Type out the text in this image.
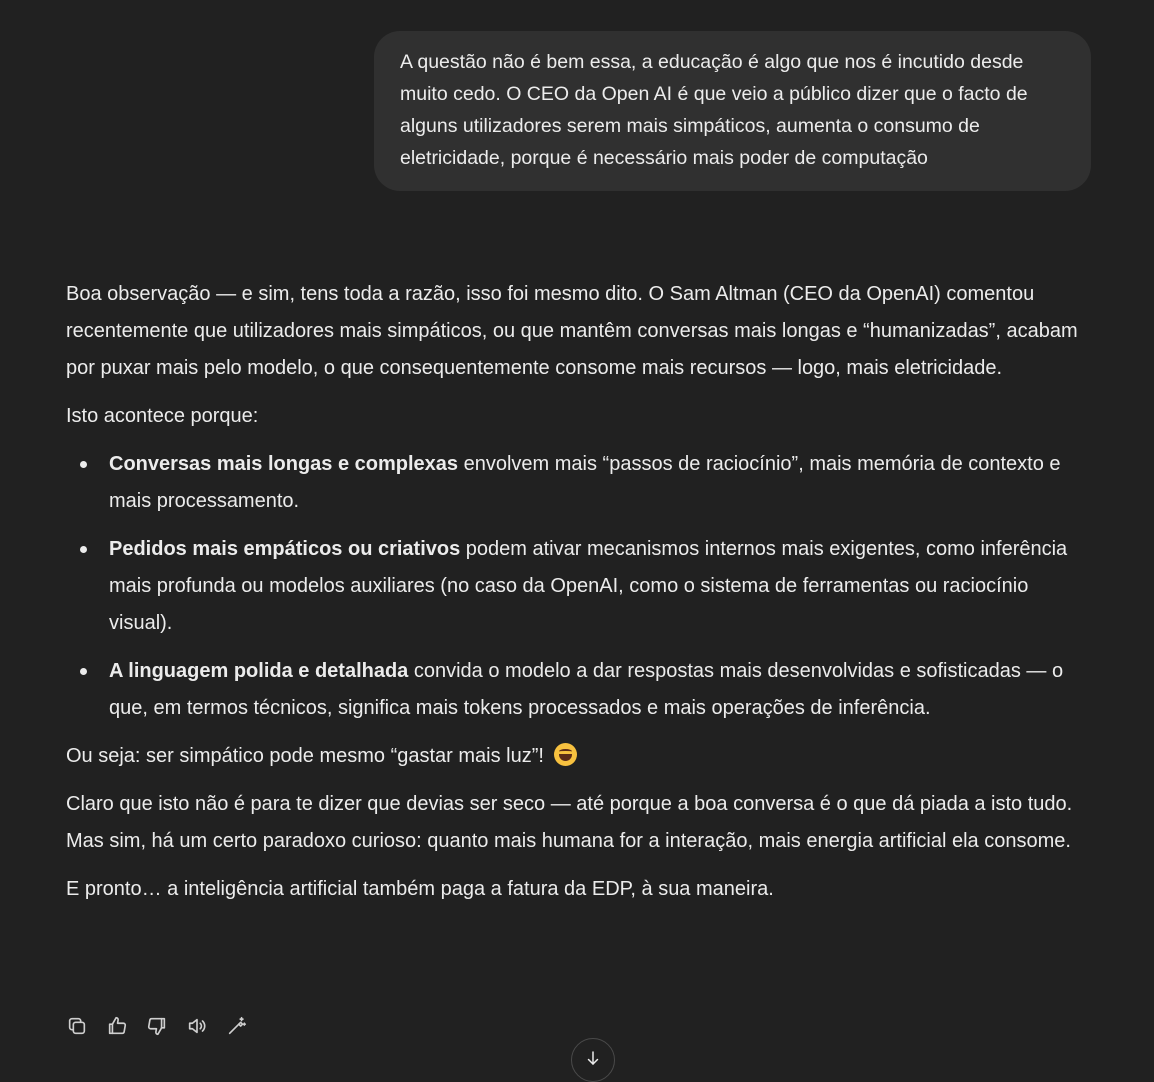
A questão não é bem essa, a educação é algo que nos é incutido desde muito cedo. O CEO da Open AI é que veio a público dizer que o facto de alguns utilizadores serem mais simpáticos, aumenta o consumo de eletricidade, porque é necessário mais poder de computação

Boa observação — e sim, tens toda a razão, isso foi mesmo dito. O Sam Altman (CEO da OpenAI) comentou recentemente que utilizadores mais simpáticos, ou que mantêm conversas mais longas e “humanizadas”, acabam por puxar mais pelo modelo, o que consequentemente consome mais recursos — logo, mais eletricidade.

Isto acontece porque:

Conversas mais longas e complexas envolvem mais “passos de raciocínio”, mais memória de contexto e mais processamento.
Pedidos mais empáticos ou criativos podem ativar mecanismos internos mais exigentes, como inferência mais profunda ou modelos auxiliares (no caso da OpenAI, como o sistema de ferramentas ou raciocínio visual).
A linguagem polida e detalhada convida o modelo a dar respostas mais desenvolvidas e sofisticadas — o que, em termos técnicos, significa mais tokens processados e mais operações de inferência.

Ou seja: ser simpático pode mesmo “gastar mais luz”!

Claro que isto não é para te dizer que devias ser seco — até porque a boa conversa é o que dá piada a isto tudo. Mas sim, há um certo paradoxo curioso: quanto mais humana for a interação, mais energia artificial ela consome.

E pronto… a inteligência artificial também paga a fatura da EDP, à sua maneira.
